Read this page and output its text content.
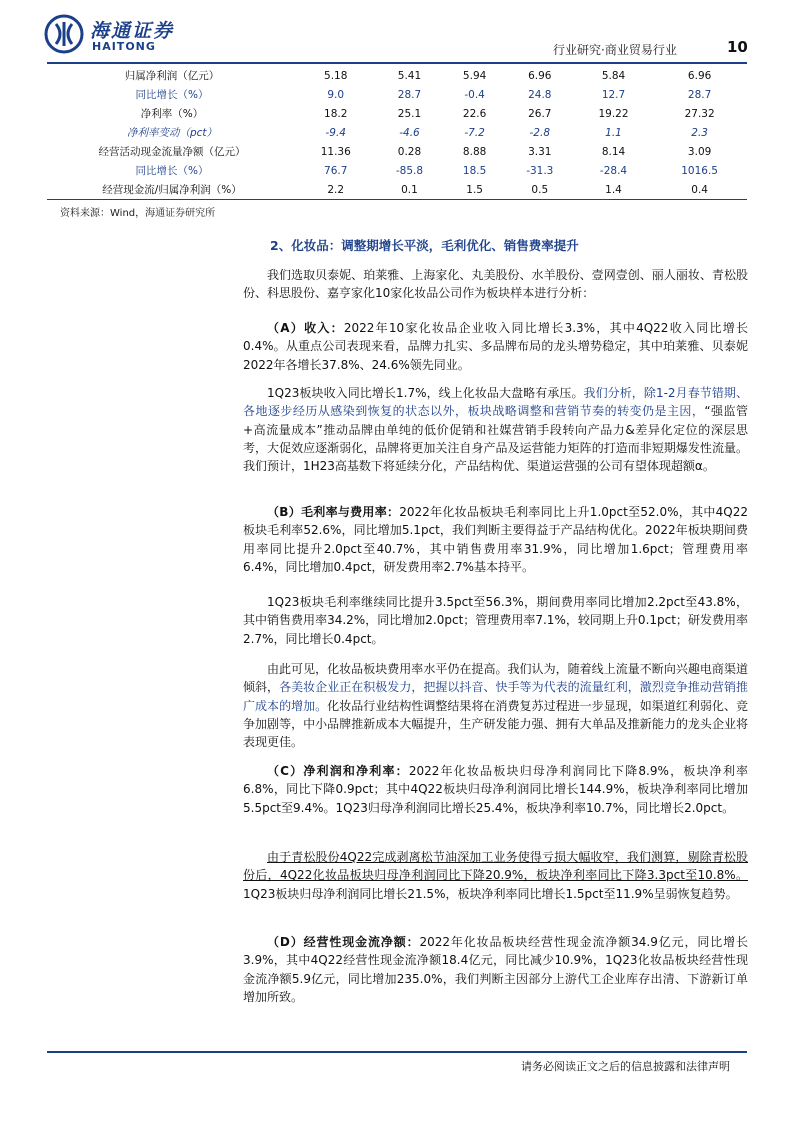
海通证券
HAITONG	行业研究·商业贸易行业	10
归属净利润（亿元）	5.18	5.41	5.94	6.96	5.84	6.96
同比增长（%）	9.0	28.7	-0.4	24.8	12.7	28.7
净利率（%）	18.2	25.1	22.6	26.7	19.22	27.32
净利率变动（pct）	-9.4	-4.6	-7.2	-2.8	1.1	2.3
经营活动现金流量净额（亿元）	11.36	0.28	8.88	3.31	8.14	3.09
同比增长（%）	76.7	-85.8	18.5	-31.3	-28.4	1016.5
经营现金流/归属净利润（%）	2.2	0.1	1.5	0.5	1.4	0.4
资料来源：Wind，海通证券研究所
2、化妆品：调整期增长平淡，毛利优化、销售费率提升
我们选取贝泰妮、珀莱雅、上海家化、丸美股份、水羊股份、壹网壹创、丽人丽妆、青松股份、科思股份、嘉亨家化10家化妆品公司作为板块样本进行分析：
（A）收入：2022年10家化妆品企业收入同比增长3.3%，其中4Q22收入同比增长0.4%。从重点公司表现来看，品牌力扎实、多品牌布局的龙头增势稳定，其中珀莱雅、贝泰妮2022年各增长37.8%、24.6%领先同业。
1Q23板块收入同比增长1.7%，线上化妆品大盘略有承压。我们分析，除1-2月春节错期、各地逐步经历从感染到恢复的状态以外，板块战略调整和营销节奏的转变仍是主因，“强监管+高流量成本”推动品牌由单纯的低价促销和社媒营销手段转向产品力&差异化定位的深层思考，大促效应逐渐弱化，品牌将更加关注自身产品及运营能力矩阵的打造而非短期爆发性流量。我们预计，1H23高基数下将延续分化，产品结构优、渠道运营强的公司有望体现超额α。
（B）毛利率与费用率：2022年化妆品板块毛利率同比上升1.0pct至52.0%，其中4Q22板块毛利率52.6%，同比增加5.1pct，我们判断主要得益于产品结构优化。2022年板块期间费用率同比提升2.0pct至40.7%，其中销售费用率31.9%，同比增加1.6pct；管理费用率6.4%，同比增加0.4pct，研发费用率2.7%基本持平。
1Q23板块毛利率继续同比提升3.5pct至56.3%，期间费用率同比增加2.2pct至43.8%，其中销售费用率34.2%，同比增加2.0pct；管理费用率7.1%，较同期上升0.1pct；研发费用率2.7%，同比增长0.4pct。
由此可见，化妆品板块费用率水平仍在提高。我们认为，随着线上流量不断向兴趣电商渠道倾斜，各美妆企业正在积极发力，把握以抖音、快手等为代表的流量红利，激烈竞争推动营销推广成本的增加。化妆品行业结构性调整结果将在消费复苏过程进一步显现，如渠道红利弱化、竞争加剧等，中小品牌推新成本大幅提升，生产研发能力强、拥有大单品及推新能力的龙头企业将表现更佳。
（C）净利润和净利率：2022年化妆品板块归母净利润同比下降8.9%，板块净利率6.8%，同比下降0.9pct；其中4Q22板块归母净利润同比增长144.9%，板块净利率同比增加5.5pct至9.4%。1Q23归母净利润同比增长25.4%，板块净利率10.7%，同比增长2.0pct。
由于青松股份4Q22完成剥离松节油深加工业务使得亏损大幅收窄，我们测算，剔除青松股份后，4Q22化妆品板块归母净利润同比下降20.9%，板块净利率同比下降3.3pct至10.8%。1Q23板块归母净利润同比增长21.5%，板块净利率同比增长1.5pct至11.9%呈弱恢复趋势。
（D）经营性现金流净额：2022年化妆品板块经营性现金流净额34.9亿元，同比增长3.9%，其中4Q22经营性现金流净额18.4亿元，同比减少10.9%，1Q23化妆品板块经营性现金流净额5.9亿元，同比增加235.0%，我们判断主因部分上游代工企业库存出清、下游新订单增加所致。
请务必阅读正文之后的信息披露和法律声明
